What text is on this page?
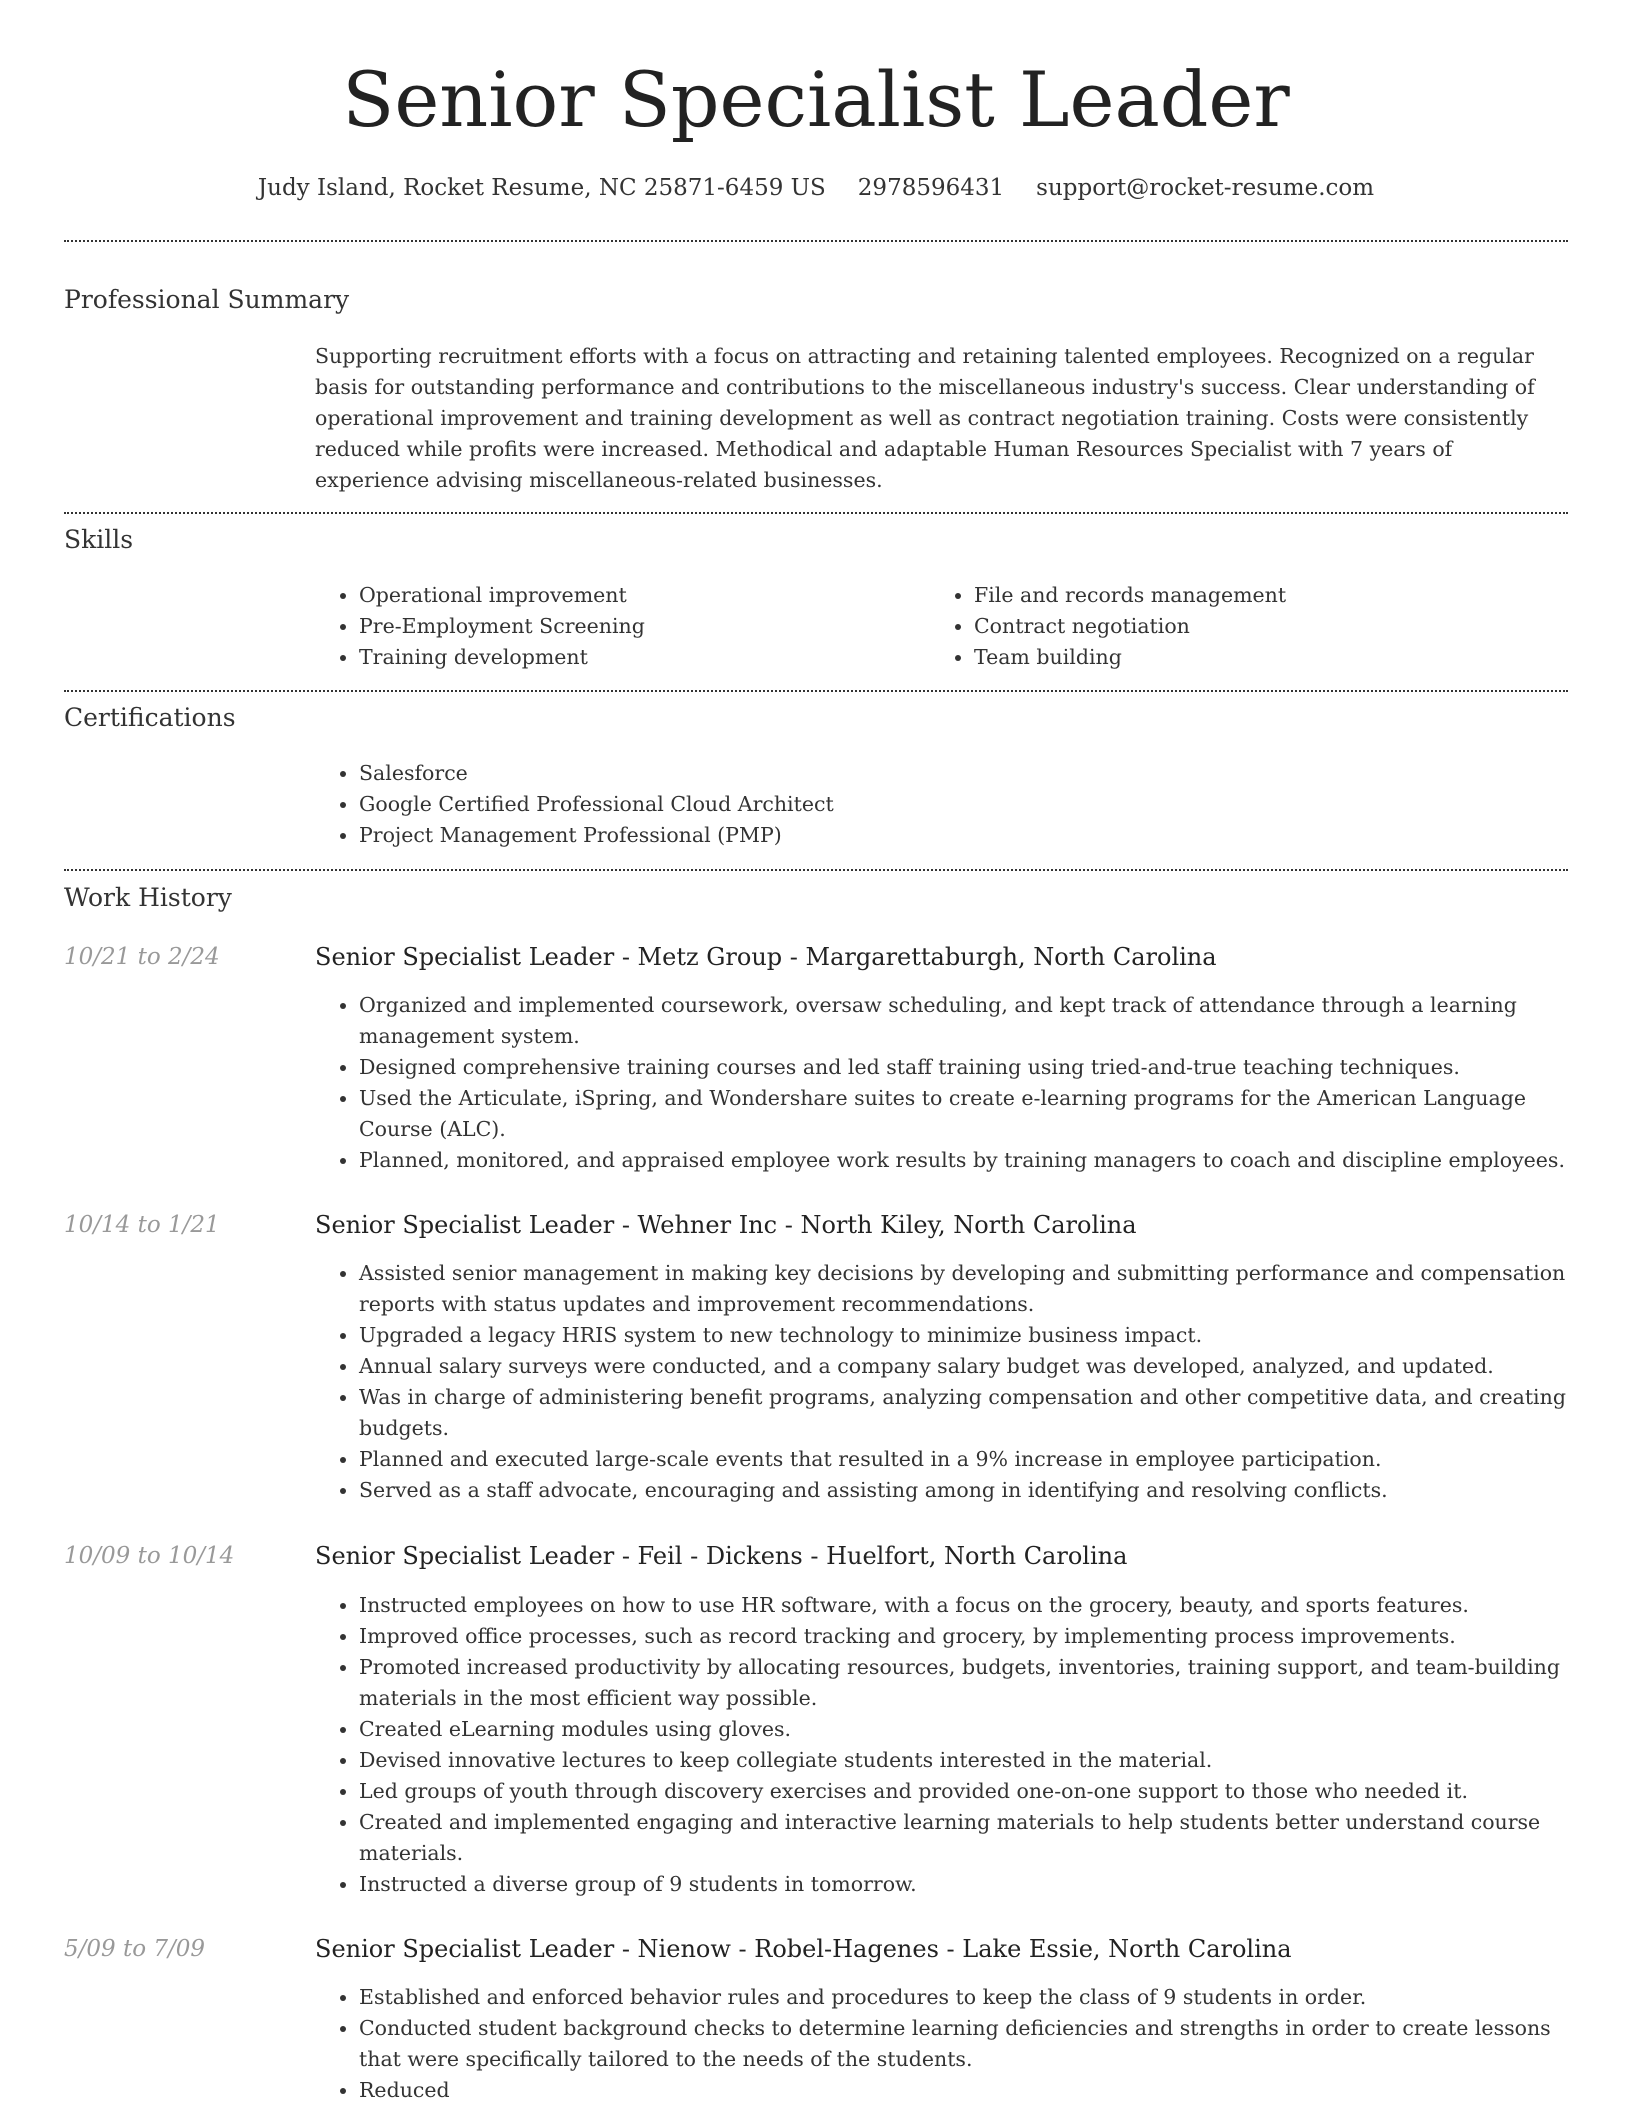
Senior Specialist Leader
Judy Island, Rocket Resume, NC 25871-6459 US 2978596431 support@rocket-resume.com
Professional Summary

Supporting recruitment efforts with a focus on attracting and retaining talented employees. Recognized on a regular basis for outstanding performance and contributions to the miscellaneous industry's success. Clear understanding of operational improvement and training development as well as contract negotiation training. Costs were consistently reduced while profits were increased. Methodical and adaptable Human Resources Specialist with 7 years of experience advising miscellaneous-related businesses.

Skills
• Operational improvement
• Pre-Employment Screening
• Training development
• File and records management
• Contract negotiation
• Team building
Certifications
• Salesforce
• Google Certified Professional Cloud Architect
• Project Management Professional (PMP)
Work History
10/21 to 2/24	Senior Specialist Leader - Metz Group - Margarettaburgh, North Carolina
• Organized and implemented coursework, oversaw scheduling, and kept track of attendance through a learning management system.
• Designed comprehensive training courses and led staff training using tried-and-true teaching techniques.
• Used the Articulate, iSpring, and Wondershare suites to create e-learning programs for the American Language Course (ALC).
• Planned, monitored, and appraised employee work results by training managers to coach and discipline employees.
10/14 to 1/21	Senior Specialist Leader - Wehner Inc - North Kiley, North Carolina
• Assisted senior management in making key decisions by developing and submitting performance and compensation reports with status updates and improvement recommendations.
• Upgraded a legacy HRIS system to new technology to minimize business impact.
• Annual salary surveys were conducted, and a company salary budget was developed, analyzed, and updated.
• Was in charge of administering benefit programs, analyzing compensation and other competitive data, and creating budgets.
• Planned and executed large-scale events that resulted in a 9% increase in employee participation.
• Served as a staff advocate, encouraging and assisting among in identifying and resolving conflicts.
10/09 to 10/14	Senior Specialist Leader - Feil - Dickens - Huelfort, North Carolina
• Instructed employees on how to use HR software, with a focus on the grocery, beauty, and sports features.
• Improved office processes, such as record tracking and grocery, by implementing process improvements.
• Promoted increased productivity by allocating resources, budgets, inventories, training support, and team-building materials in the most efficient way possible.
• Created eLearning modules using gloves.
• Devised innovative lectures to keep collegiate students interested in the material.
• Led groups of youth through discovery exercises and provided one-on-one support to those who needed it.
• Created and implemented engaging and interactive learning materials to help students better understand course materials.
• Instructed a diverse group of 9 students in tomorrow.
5/09 to 7/09	Senior Specialist Leader - Nienow - Robel-Hagenes - Lake Essie, North Carolina
• Established and enforced behavior rules and procedures to keep the class of 9 students in order.
• Conducted student background checks to determine learning deficiencies and strengths in order to create lessons that were specifically tailored to the needs of the students.
• Reduced
